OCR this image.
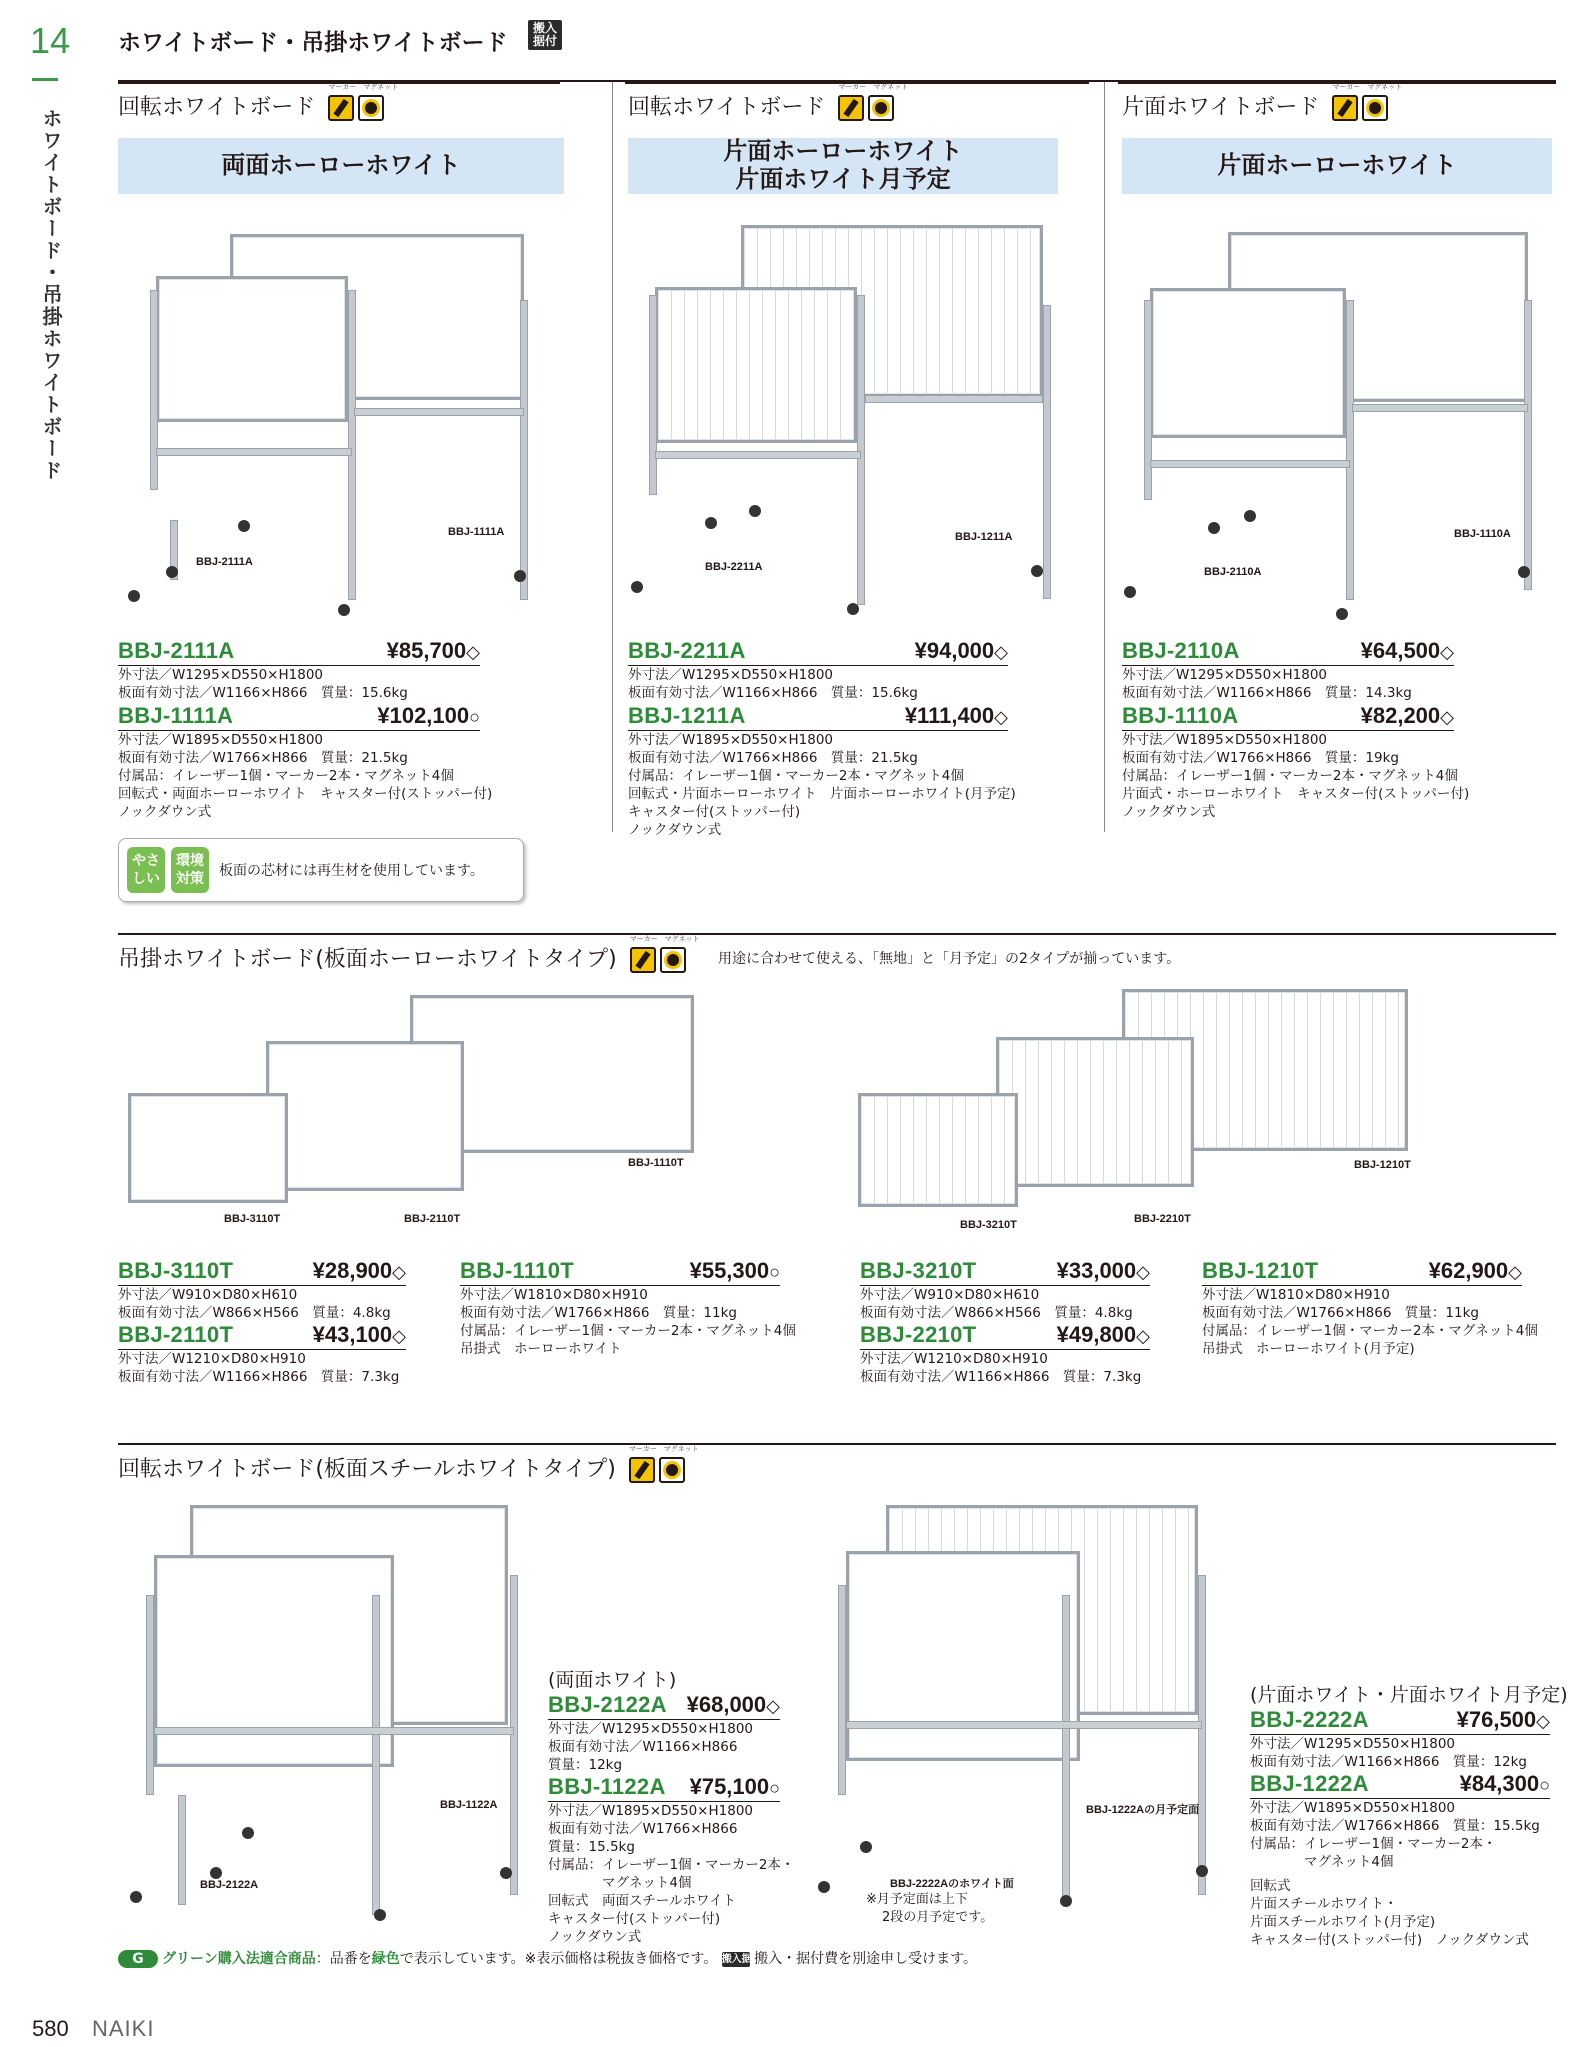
14
ホワイトボード・吊掛ホワイトボード
ホワイトボード・吊掛ホワイトボード
搬入据付
回転ホワイトボード
マーカー　 マグネット
両面ホーローホワイト
BBJ-1111A
BBJ-2111A
BBJ-2111A	¥85,700◇
外寸法／W1295×D550×H1800
板面有効寸法／W1166×H866　質量：15.6kg
BBJ-1111A	¥102,100○
外寸法／W1895×D550×H1800
板面有効寸法／W1766×H866　質量：21.5kg
付属品：イレーザー1個・マーカー2本・マグネット4個
回転式・両面ホーローホワイト　キャスター付(ストッパー付)
ノックダウン式
回転ホワイトボード
マーカー　 マグネット
片面ホーローホワイト
片面ホワイト月予定
BBJ-1211A
BBJ-2211A
BBJ-2211A	¥94,000◇
外寸法／W1295×D550×H1800
板面有効寸法／W1166×H866　質量：15.6kg
BBJ-1211A	¥111,400◇
外寸法／W1895×D550×H1800
板面有効寸法／W1766×H866　質量：21.5kg
付属品：イレーザー1個・マーカー2本・マグネット4個
回転式・片面ホーローホワイト　片面ホーローホワイト(月予定)
キャスター付(ストッパー付)
ノックダウン式
片面ホワイトボード
マーカー　 マグネット
片面ホーローホワイト
BBJ-1110A
BBJ-2110A
BBJ-2110A	¥64,500◇
外寸法／W1295×D550×H1800
板面有効寸法／W1166×H866　質量：14.3kg
BBJ-1110A	¥82,200◇
外寸法／W1895×D550×H1800
板面有効寸法／W1766×H866　質量：19kg
付属品：イレーザー1個・マーカー2本・マグネット4個
片面式・ホーローホワイト　キャスター付(ストッパー付)
ノックダウン式
やさしい
環境対策	板面の芯材には再生材を使用しています。
吊掛ホワイトボード(板面ホーローホワイトタイプ)
マーカー　 マグネット
用途に合わせて使える、「無地」と「月予定」の2タイプが揃っています。
BBJ-1110T
BBJ-3110T	BBJ-2110T
BBJ-1210T
BBJ-3210T	BBJ-2210T
BBJ-3110T	¥28,900◇
外寸法／W910×D80×H610
板面有効寸法／W866×H566　質量：4.8kg
BBJ-2110T	¥43,100◇
外寸法／W1210×D80×H910
板面有効寸法／W1166×H866　質量：7.3kg
BBJ-1110T	¥55,300○
外寸法／W1810×D80×H910
板面有効寸法／W1766×H866　質量：11kg
付属品：イレーザー1個・マーカー2本・マグネット4個
吊掛式　ホーローホワイト
BBJ-3210T	¥33,000◇
外寸法／W910×D80×H610
板面有効寸法／W866×H566　質量：4.8kg
BBJ-2210T	¥49,800◇
外寸法／W1210×D80×H910
板面有効寸法／W1166×H866　質量：7.3kg
BBJ-1210T	¥62,900◇
外寸法／W1810×D80×H910
板面有効寸法／W1766×H866　質量：11kg
付属品：イレーザー1個・マーカー2本・マグネット4個
吊掛式　ホーローホワイト(月予定)
回転ホワイトボード(板面スチールホワイトタイプ)
マーカー　 マグネット
BBJ-1122A
BBJ-2122A
(両面ホワイト)
BBJ-2122A ¥68,000◇
外寸法／W1295×D550×H1800
板面有効寸法／W1166×H866
質量：12kg
BBJ-1122A ¥75,100○
外寸法／W1895×D550×H1800
板面有効寸法／W1766×H866
質量：15.5kg
付属品：イレーザー1個・マーカー2本・
　　　　マグネット4個
回転式　両面スチールホワイト
キャスター付(ストッパー付)
ノックダウン式
BBJ-1222Aの月予定面
BBJ-2222Aのホワイト面
※月予定面は上下
2段の月予定です。
(片面ホワイト・片面ホワイト月予定)
BBJ-2222A	¥76,500◇
外寸法／W1295×D550×H1800
板面有効寸法／W1166×H866　質量：12kg
BBJ-1222A	¥84,300○
外寸法／W1895×D550×H1800
板面有効寸法／W1766×H866　質量：15.5kg
付属品：イレーザー1個・マーカー2本・
　　　　マグネット4個
回転式
片面スチールホワイト・
片面スチールホワイト(月予定)
キャスター付(ストッパー付)　ノックダウン式
G グリーン購入法適合商品：品番を緑色で表示しています。※表示価格は税抜き価格です。 搬入据付 搬入・据付費を別途申し受けます。
580 NAIKI
